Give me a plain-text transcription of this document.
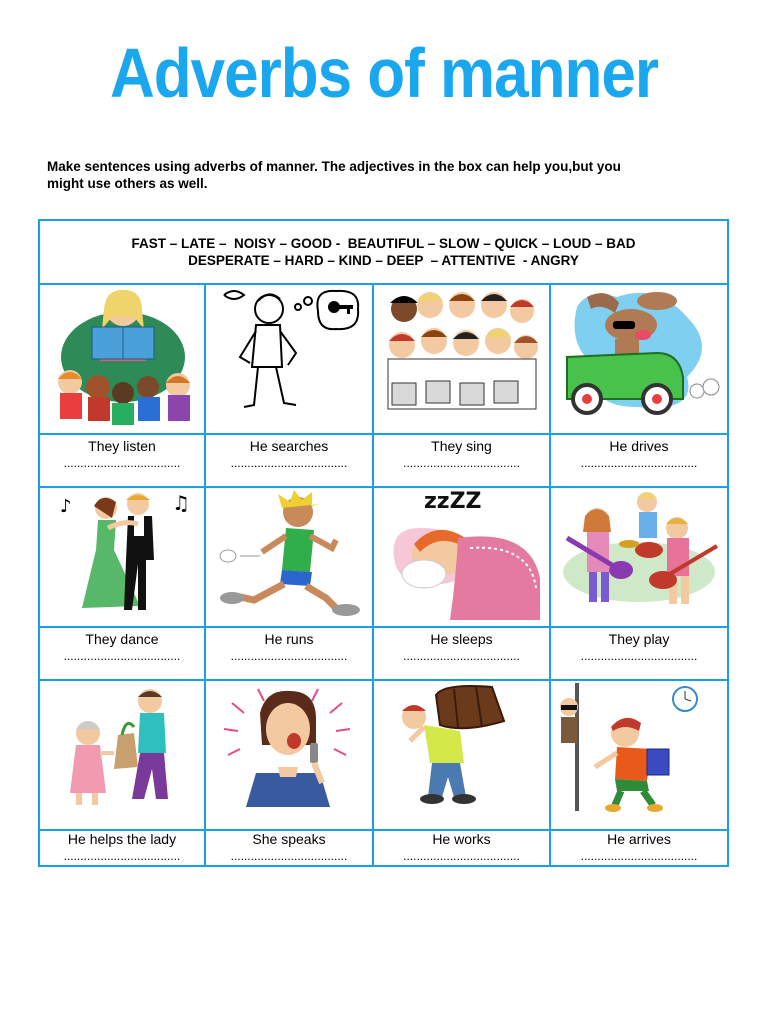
Adverbs of manner
Make sentences using adverbs of manner. The adjectives in the box can help you,but you
might use others as well.
FAST – LATE –  NOISY – GOOD -  BEAUTIFUL – SLOW – QUICK – LOUD – BAD
DESPERATE – HARD – KIND – DEEP  – ATTENTIVE  - ANGRY
They listen
...................................
He searches
...................................
They sing
...................................
He drives
...................................
♪	♫
They dance
...................................
He runs
...................................
zzZZ
He sleeps
...................................
They play
...................................
He helps the lady
...................................
She speaks
...................................
He works
...................................
He arrives
...................................
